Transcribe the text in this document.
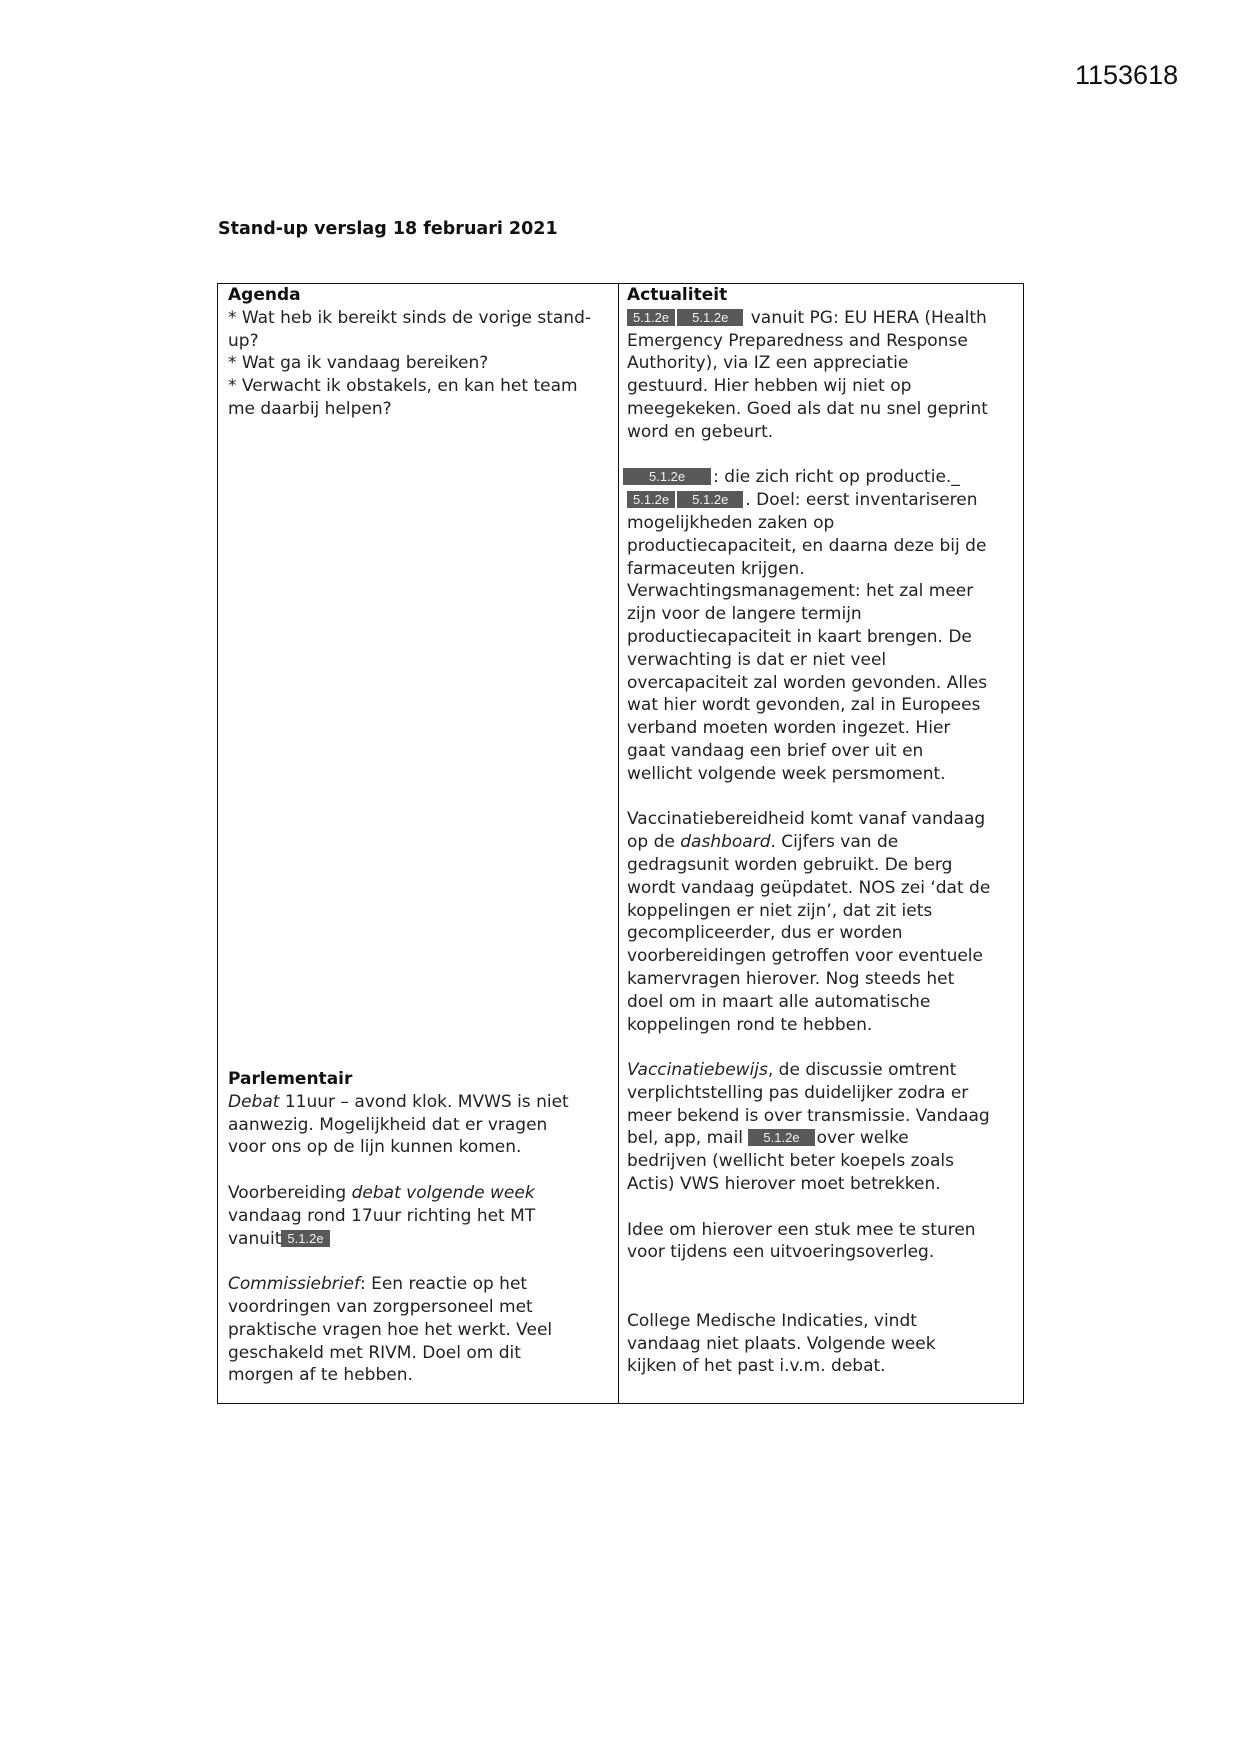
1153618
Stand-up verslag 18 februari 2021
Agenda
* Wat heb ik bereikt sinds de vorige stand-
up?
* Wat ga ik vandaag bereiken?
* Verwacht ik obstakels, en kan het team
me daarbij helpen?
Parlementair
Debat 11uur – avond klok. MVWS is niet
aanwezig. Mogelijkheid dat er vragen
voor ons op de lijn kunnen komen.
Voorbereiding debat volgende week
vandaag rond 17uur richting het MT
vanuit 5.1.2e
Commissiebrief: Een reactie op het
voordringen van zorgpersoneel met
praktische vragen hoe het werkt. Veel
geschakeld met RIVM. Doel om dit
morgen af te hebben.
Actualiteit
5.1.2e 5.1.2e vanuit PG: EU HERA (Health
Emergency Preparedness and Response
Authority), via IZ een appreciatie
gestuurd. Hier hebben wij niet op
meegekeken. Goed als dat nu snel geprint
word en gebeurt.
5.1.2e : die zich richt op productie._
5.1.2e 5.1.2e . Doel: eerst inventariseren
mogelijkheden zaken op
productiecapaciteit, en daarna deze bij de
farmaceuten krijgen.
Verwachtingsmanagement: het zal meer
zijn voor de langere termijn
productiecapaciteit in kaart brengen. De
verwachting is dat er niet veel
overcapaciteit zal worden gevonden. Alles
wat hier wordt gevonden, zal in Europees
verband moeten worden ingezet. Hier
gaat vandaag een brief over uit en
wellicht volgende week persmoment.
Vaccinatiebereidheid komt vanaf vandaag
op de dashboard. Cijfers van de
gedragsunit worden gebruikt. De berg
wordt vandaag geüpdatet. NOS zei ‘dat de
koppelingen er niet zijn’, dat zit iets
gecompliceerder, dus er worden
voorbereidingen getroffen voor eventuele
kamervragen hierover. Nog steeds het
doel om in maart alle automatische
koppelingen rond te hebben.
Vaccinatiebewijs, de discussie omtrent
verplichtstelling pas duidelijker zodra er
meer bekend is over transmissie. Vandaag
bel, app, mail 5.1.2e over welke
bedrijven (wellicht beter koepels zoals
Actis) VWS hierover moet betrekken.
Idee om hierover een stuk mee te sturen
voor tijdens een uitvoeringsoverleg.
College Medische Indicaties, vindt
vandaag niet plaats. Volgende week
kijken of het past i.v.m. debat.
